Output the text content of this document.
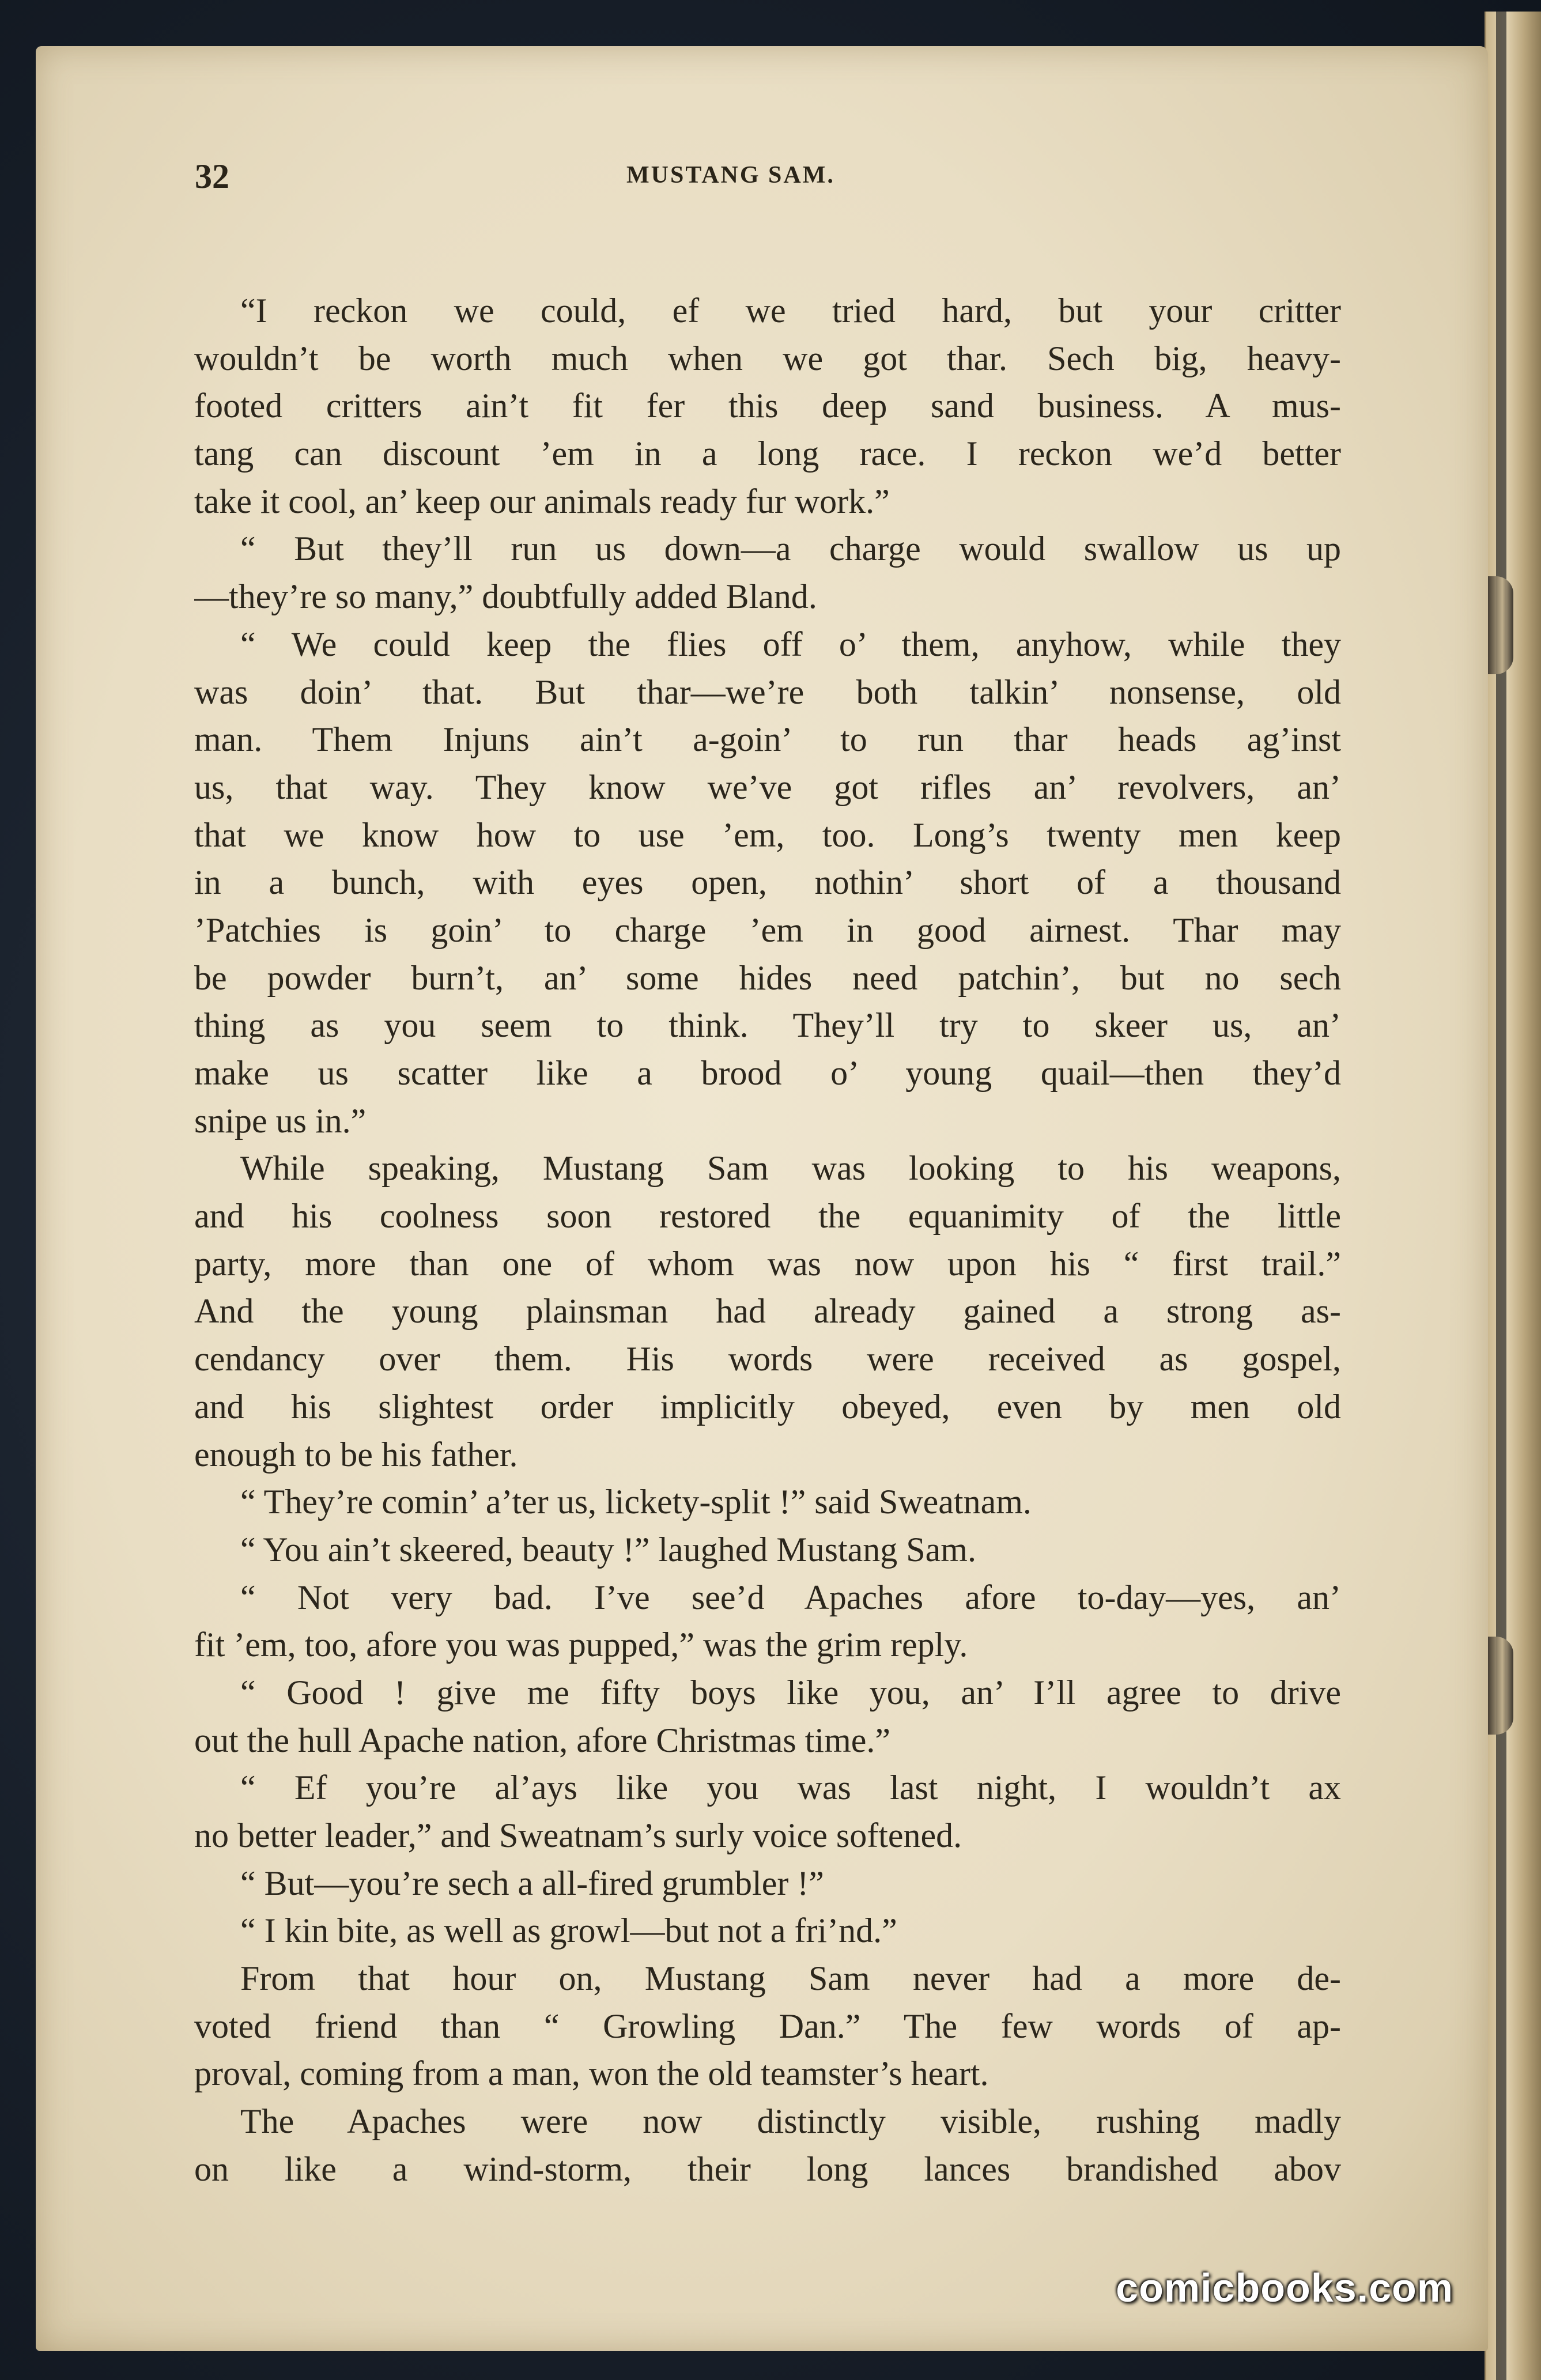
32	MUSTANG SAM.
“I reckon we could, ef we tried hard, but your critter
wouldn’t be worth much when we got thar. Sech big, heavy-
footed critters ain’t fit fer this deep sand business. A mus-
tang can discount ’em in a long race. I reckon we’d better
take it cool, an’ keep our animals ready fur work.”
“ But they’ll run us down—a charge would swallow us up
—they’re so many,” doubtfully added Bland.
“ We could keep the flies off o’ them, anyhow, while they
was doin’ that. But thar—we’re both talkin’ nonsense, old
man. Them Injuns ain’t a-goin’ to run thar heads ag’inst
us, that way. They know we’ve got rifles an’ revolvers, an’
that we know how to use ’em, too. Long’s twenty men keep
in a bunch, with eyes open, nothin’ short of a thousand
’Patchies is goin’ to charge ’em in good airnest. Thar may
be powder burn’t, an’ some hides need patchin’, but no sech
thing as you seem to think. They’ll try to skeer us, an’
make us scatter like a brood o’ young quail—then they’d
snipe us in.”
While speaking, Mustang Sam was looking to his weapons,
and his coolness soon restored the equanimity of the little
party, more than one of whom was now upon his “ first trail.”
And the young plainsman had already gained a strong as-
cendancy over them. His words were received as gospel,
and his slightest order implicitly obeyed, even by men old
enough to be his father.
“ They’re comin’ a’ter us, lickety-split !” said Sweatnam.
“ You ain’t skeered, beauty !” laughed Mustang Sam.
“ Not very bad. I’ve see’d Apaches afore to-day—yes, an’
fit ’em, too, afore you was pupped,” was the grim reply.
“ Good ! give me fifty boys like you, an’ I’ll agree to drive
out the hull Apache nation, afore Christmas time.”
“ Ef you’re al’ays like you was last night, I wouldn’t ax
no better leader,” and Sweatnam’s surly voice softened.
“ But—you’re sech a all-fired grumbler !”
“ I kin bite, as well as growl—but not a fri’nd.”
From that hour on, Mustang Sam never had a more de-
voted friend than “ Growling Dan.” The few words of ap-
proval, coming from a man, won the old teamster’s heart.
The Apaches were now distinctly visible, rushing madly
on like a wind-storm, their long lances brandished abov
comicbooks.com
